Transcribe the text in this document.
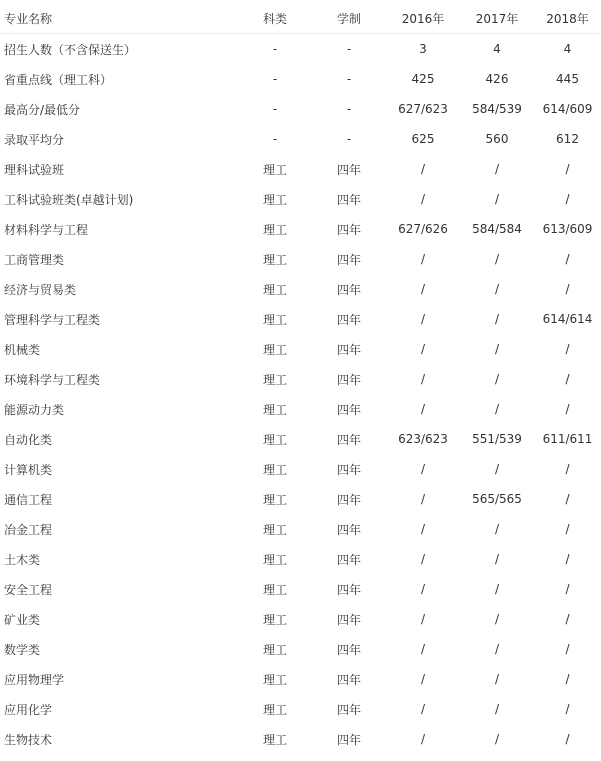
专业名称	科类	学制	2016年	2017年	2018年
招生人数（不含保送生）	-	-	3	4	4
省重点线（理工科）	-	-	425	426	445
最高分/最低分	-	-	627/623	584/539	614/609
录取平均分	-	-	625	560	612
理科试验班	理工	四年	/	/	/
工科试验班类(卓越计划)	理工	四年	/	/	/
材料科学与工程	理工	四年	627/626	584/584	613/609
工商管理类	理工	四年	/	/	/
经济与贸易类	理工	四年	/	/	/
管理科学与工程类	理工	四年	/	/	614/614
机械类	理工	四年	/	/	/
环境科学与工程类	理工	四年	/	/	/
能源动力类	理工	四年	/	/	/
自动化类	理工	四年	623/623	551/539	611/611
计算机类	理工	四年	/	/	/
通信工程	理工	四年	/	565/565	/
冶金工程	理工	四年	/	/	/
土木类	理工	四年	/	/	/
安全工程	理工	四年	/	/	/
矿业类	理工	四年	/	/	/
数学类	理工	四年	/	/	/
应用物理学	理工	四年	/	/	/
应用化学	理工	四年	/	/	/
生物技术	理工	四年	/	/	/
